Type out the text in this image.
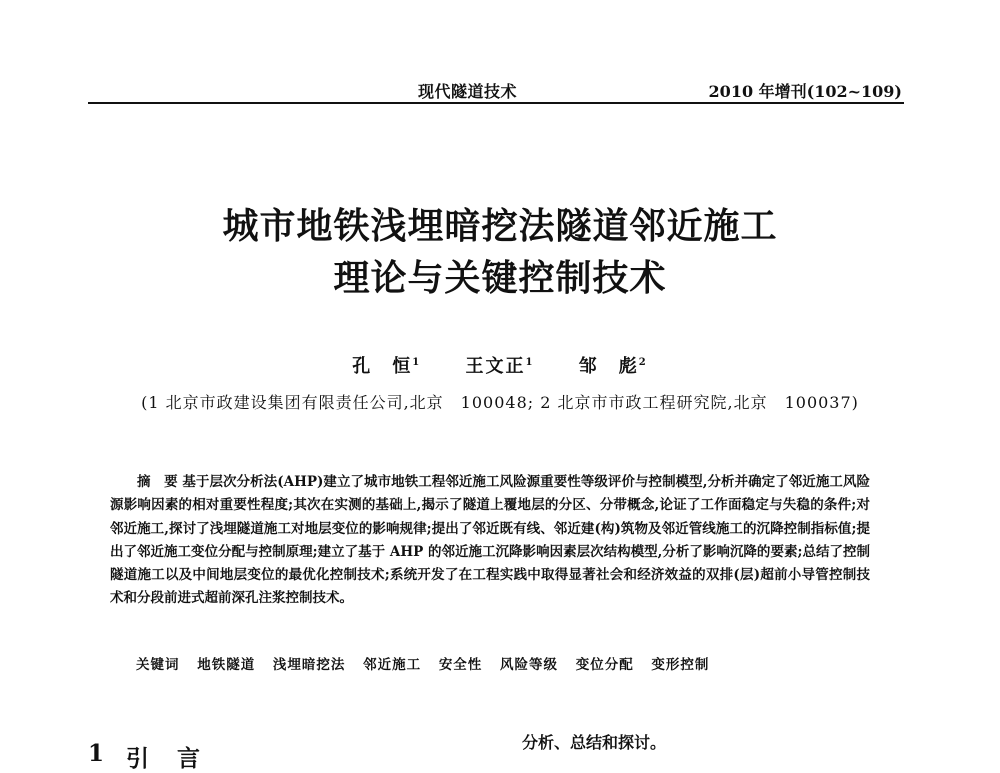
现代隧道技术	2010 年增刊(102~109)
城市地铁浅埋暗挖法隧道邻近施工
理论与关键控制技术
孔　恒$^1$ 王文正$^1$ 邹　彪$^2$
(1 北京市政建设集团有限责任公司,北京　100048; 2 北京市市政工程研究院,北京　100037)
摘　要 基于层次分析法(AHP)建立了城市地铁工程邻近施工风险源重要性等级评价与控制模型,分析并确定了邻近施工风险源影响因素的相对重要性程度;其次在实测的基础上,揭示了隧道上覆地层的分区、分带概念,论证了工作面稳定与失稳的条件;对邻近施工,探讨了浅埋隧道施工对地层变位的影响规律;提出了邻近既有线、邻近建(构)筑物及邻近管线施工的沉降控制指标值;提出了邻近施工变位分配与控制原理;建立了基于 AHP 的邻近施工沉降影响因素层次结构模型,分析了影响沉降的要素;总结了控制隧道施工以及中间地层变位的最优化控制技术;系统开发了在工程实践中取得显著社会和经济效益的双排(层)超前小导管控制技术和分段前进式超前深孔注浆控制技术。
关键词 地铁隧道 浅埋暗挖法 邻近施工 安全性 风险等级 变位分配 变形控制
1 引 言
分析、总结和探讨。
